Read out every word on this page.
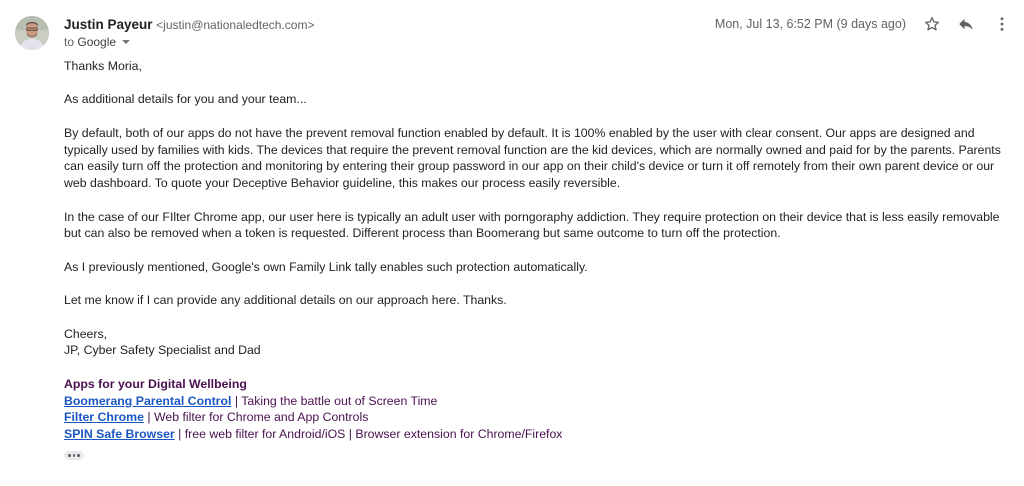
Justin Payeur <justin@nationaledtech.com>
to Google
Mon, Jul 13, 6:52 PM (9 days ago)

Thanks Moria,

As additional details for you and your team...

By default, both of our apps do not have the prevent removal function enabled by default. It is 100% enabled by the user with clear consent. Our apps are designed and typically used by families with kids. The devices that require the prevent removal function are the kid devices, which are normally owned and paid for by the parents. Parents can easily turn off the protection and monitoring by entering their group password in our app on their child's device or turn it off remotely from their own parent device or our web dashboard. To quote your Deceptive Behavior guideline, this makes our process easily reversible.

In the case of our FIlter Chrome app, our user here is typically an adult user with porngoraphy addiction. They require protection on their device that is less easily removable but can also be removed when a token is requested. Different process than Boomerang but same outcome to turn off the protection.

As I previously mentioned, Google's own Family Link tally enables such protection automatically.

Let me know if I can provide any additional details on our approach here. Thanks.

Cheers,
JP, Cyber Safety Specialist and Dad

Apps for your Digital Wellbeing
Boomerang Parental Control | Taking the battle out of Screen Time
Filter Chrome | Web filter for Chrome and App Controls
SPIN Safe Browser | free web filter for Android/iOS | Browser extension for Chrome/Firefox
